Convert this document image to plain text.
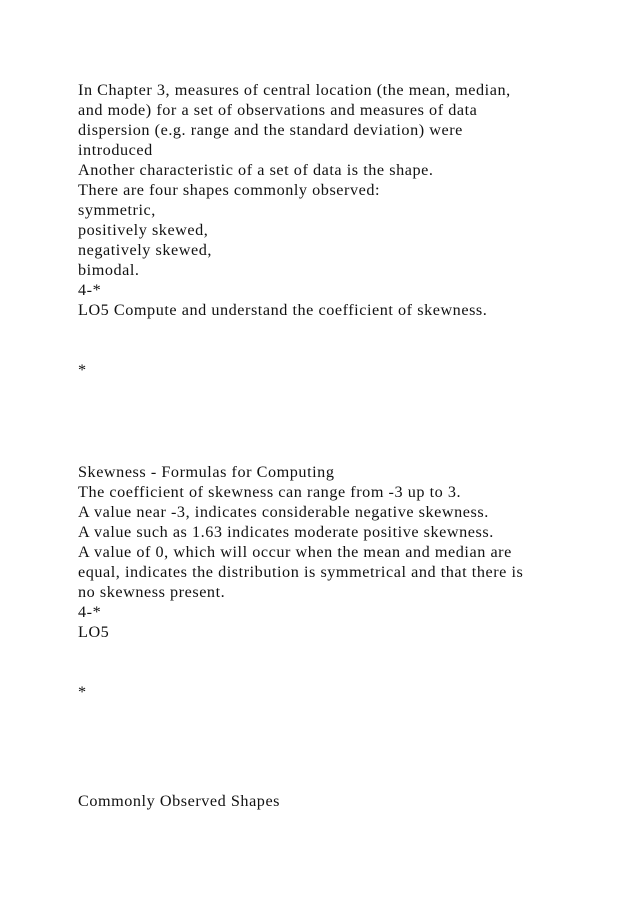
In Chapter 3, measures of central location (the mean, median,
and mode) for a set of observations and measures of data
dispersion (e.g. range and the standard deviation) were
introduced
Another characteristic of a set of data is the shape.
There are four shapes commonly observed:
symmetric,
positively skewed,
negatively skewed,
bimodal.
4-*
LO5 Compute and understand the coefficient of skewness.

*
Skewness - Formulas for Computing
The coefficient of skewness can range from -3 up to 3.
A value near -3, indicates considerable negative skewness.
A value such as 1.63 indicates moderate positive skewness.
A value of 0, which will occur when the mean and median are
equal, indicates the distribution is symmetrical and that there is
no skewness present.
4-*
LO5

*
Commonly Observed Shapes
